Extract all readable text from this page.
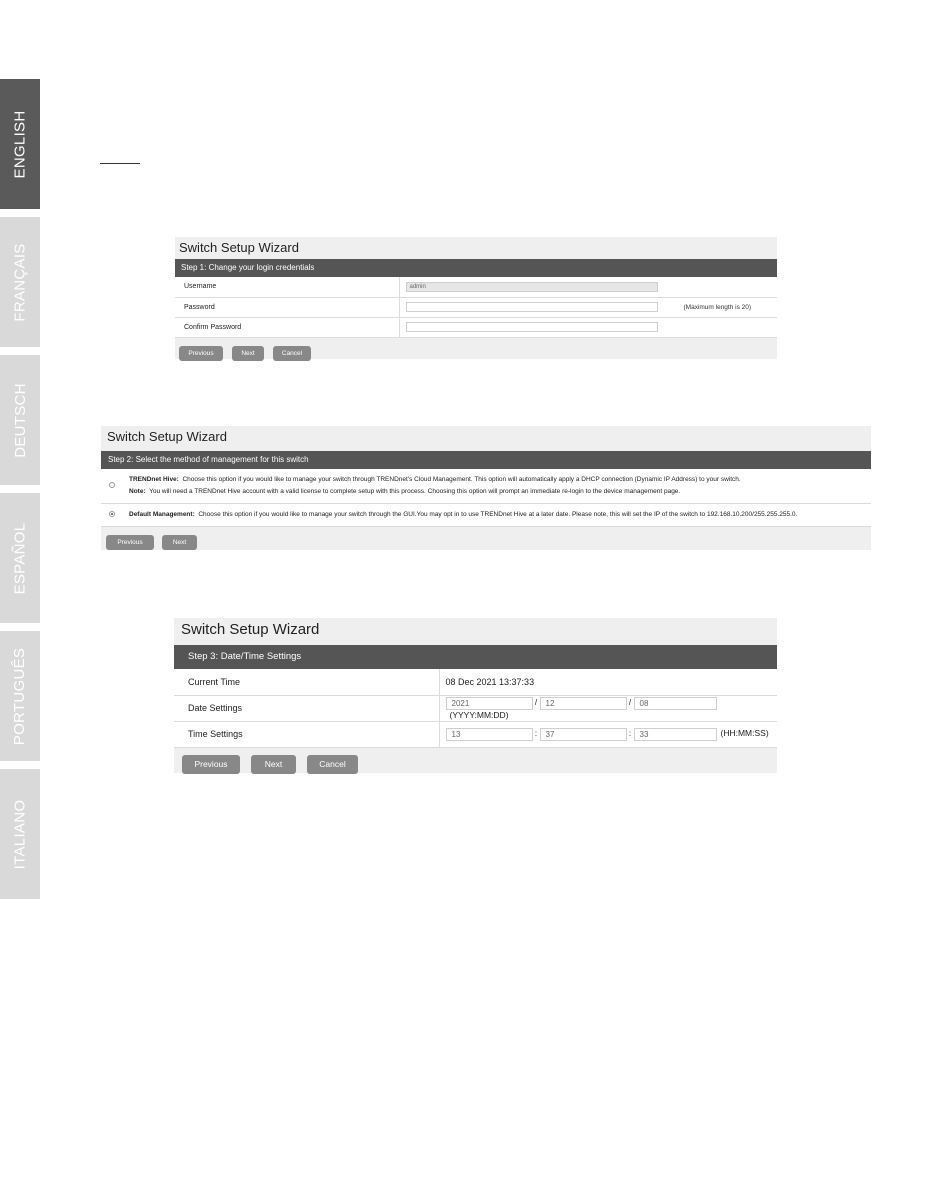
ENGLISH
FRANÇAIS
DEUTSCH
ESPAÑOL
PORTUGUÊS
ITALIANO
Switch Setup Wizard
Step 1: Change your login credentials
Username	admin
Password	(Maximum length is 20)
Confirm Password	
Previous	Next	Cancel
Switch Setup Wizard
Step 2: Select the method of management for this switch
	TRENDnet Hive: Choose this option if you would like to manage your switch through TRENDnet's Cloud Management. This option will automatically apply a DHCP connection (Dynamic IP Address) to your switch.
Note: You will need a TRENDnet Hive account with a valid license to complete setup with this process. Choosing this option will prompt an immediate re-login to the device management page.
	Default Management: Choose this option if you would like to manage your switch through the GUI.You may opt in to use TRENDnet Hive at a later date. Please note, this will set the IP of the switch to 192.168.10.200/255.255.255.0.
Previous	Next
Switch Setup Wizard
Step 3: Date/Time Settings
Current Time	08 Dec 2021 13:37:33
Date Settings	2021 / 12 / 08(YYYY:MM:DD)
Time Settings	13 : 37 : 33 (HH:MM:SS)
Previous	Next	Cancel
